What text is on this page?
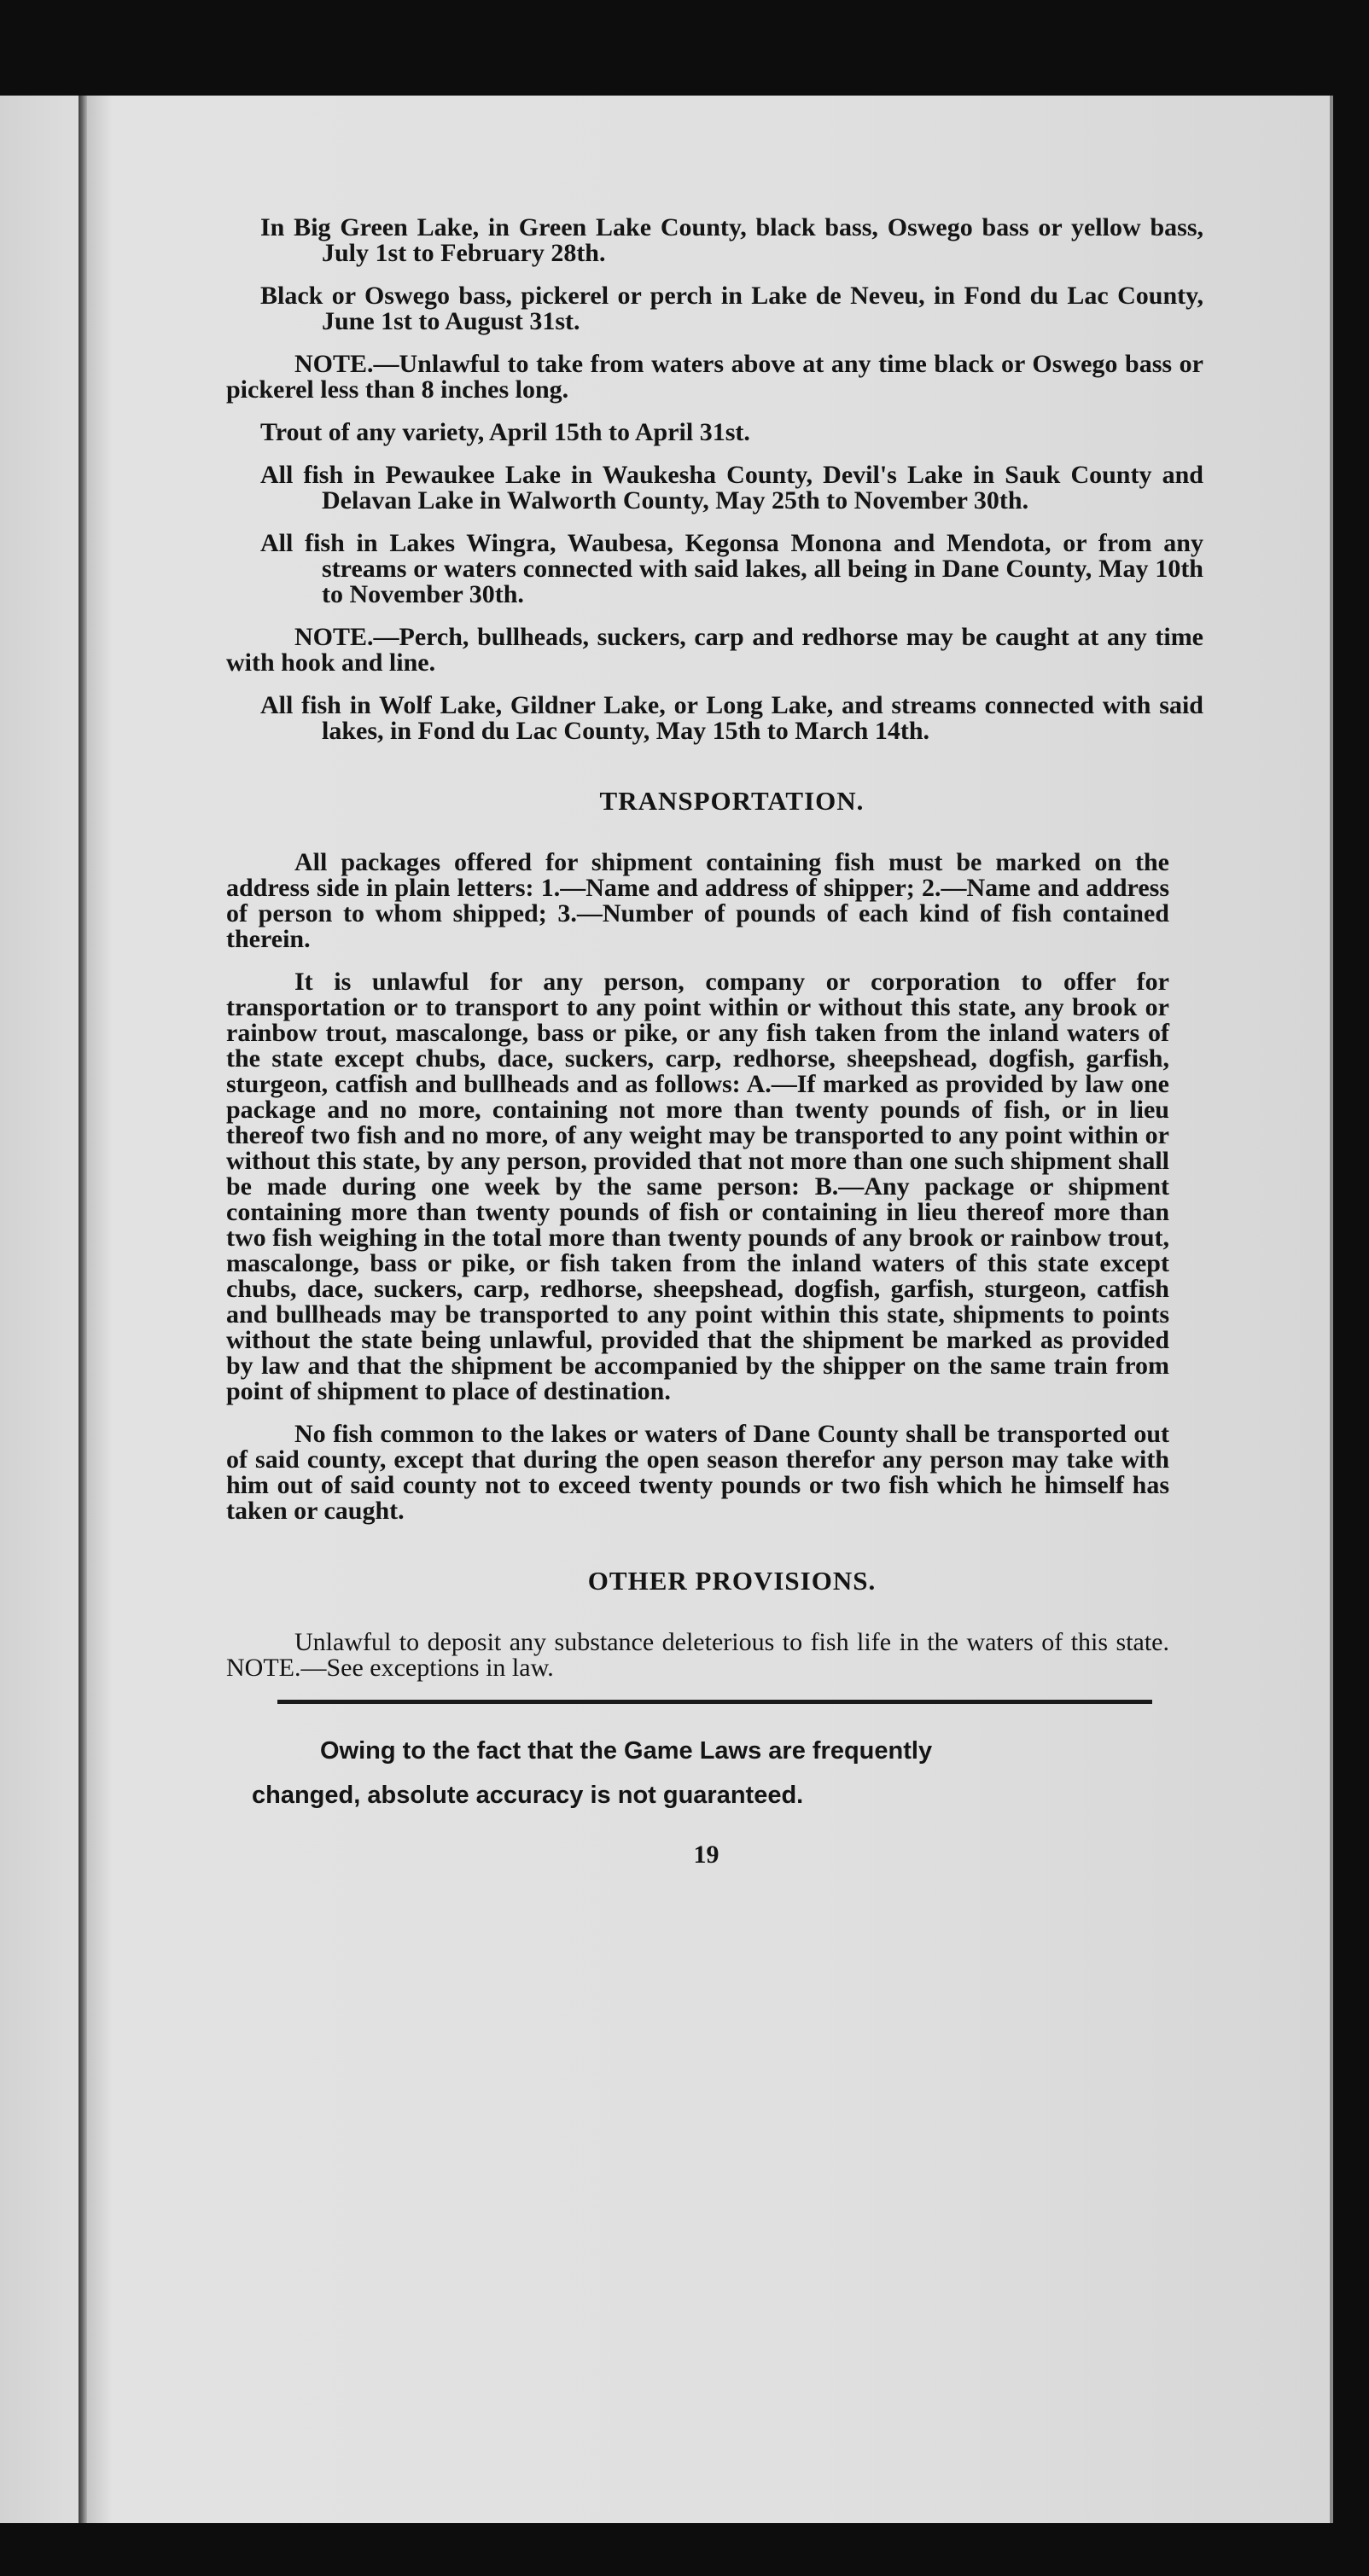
In Big Green Lake, in Green Lake County, black bass, Oswego bass or yellow bass, July 1st to February 28th.

Black or Oswego bass, pickerel or perch in Lake de Neveu, in Fond du Lac County, June 1st to August 31st.

NOTE.—Unlawful to take from waters above at any time black or Oswego bass or pickerel less than 8 inches long.

Trout of any variety, April 15th to April 31st.

All fish in Pewaukee Lake in Waukesha County, Devil's Lake in Sauk County and Delavan Lake in Walworth County, May 25th to November 30th.

All fish in Lakes Wingra, Waubesa, Kegonsa Monona and Mendota, or from any streams or waters connected with said lakes, all being in Dane County, May 10th to November 30th.

NOTE.—Perch, bullheads, suckers, carp and redhorse may be caught at any time with hook and line.

All fish in Wolf Lake, Gildner Lake, or Long Lake, and streams connected with said lakes, in Fond du Lac County, May 15th to March 14th.

TRANSPORTATION.

All packages offered for shipment containing fish must be marked on the address side in plain letters: 1.—Name and address of shipper; 2.—Name and address of person to whom shipped; 3.—Number of pounds of each kind of fish contained therein.

It is unlawful for any person, company or corporation to offer for transportation or to transport to any point within or without this state, any brook or rainbow trout, mascalonge, bass or pike, or any fish taken from the inland waters of the state except chubs, dace, suckers, carp, redhorse, sheepshead, dogfish, garfish, sturgeon, catfish and bullheads and as follows: A.—If marked as provided by law one package and no more, containing not more than twenty pounds of fish, or in lieu thereof two fish and no more, of any weight may be transported to any point within or without this state, by any person, provided that not more than one such shipment shall be made during one week by the same person: B.—Any package or shipment containing more than twenty pounds of fish or containing in lieu thereof more than two fish weighing in the total more than twenty pounds of any brook or rainbow trout, mascalonge, bass or pike, or fish taken from the inland waters of this state except chubs, dace, suckers, carp, redhorse, sheepshead, dogfish, garfish, sturgeon, catfish and bullheads may be transported to any point within this state, shipments to points without the state being unlawful, provided that the shipment be marked as provided by law and that the shipment be accompanied by the shipper on the same train from point of shipment to place of destination.

No fish common to the lakes or waters of Dane County shall be transported out of said county, except that during the open season therefor any person may take with him out of said county not to exceed twenty pounds or two fish which he himself has taken or caught.

OTHER PROVISIONS.

Unlawful to deposit any substance deleterious to fish life in the waters of this state. NOTE.—See exceptions in law.

Owing to the fact that the Game Laws are frequently
changed, absolute accuracy is not guaranteed.

19
